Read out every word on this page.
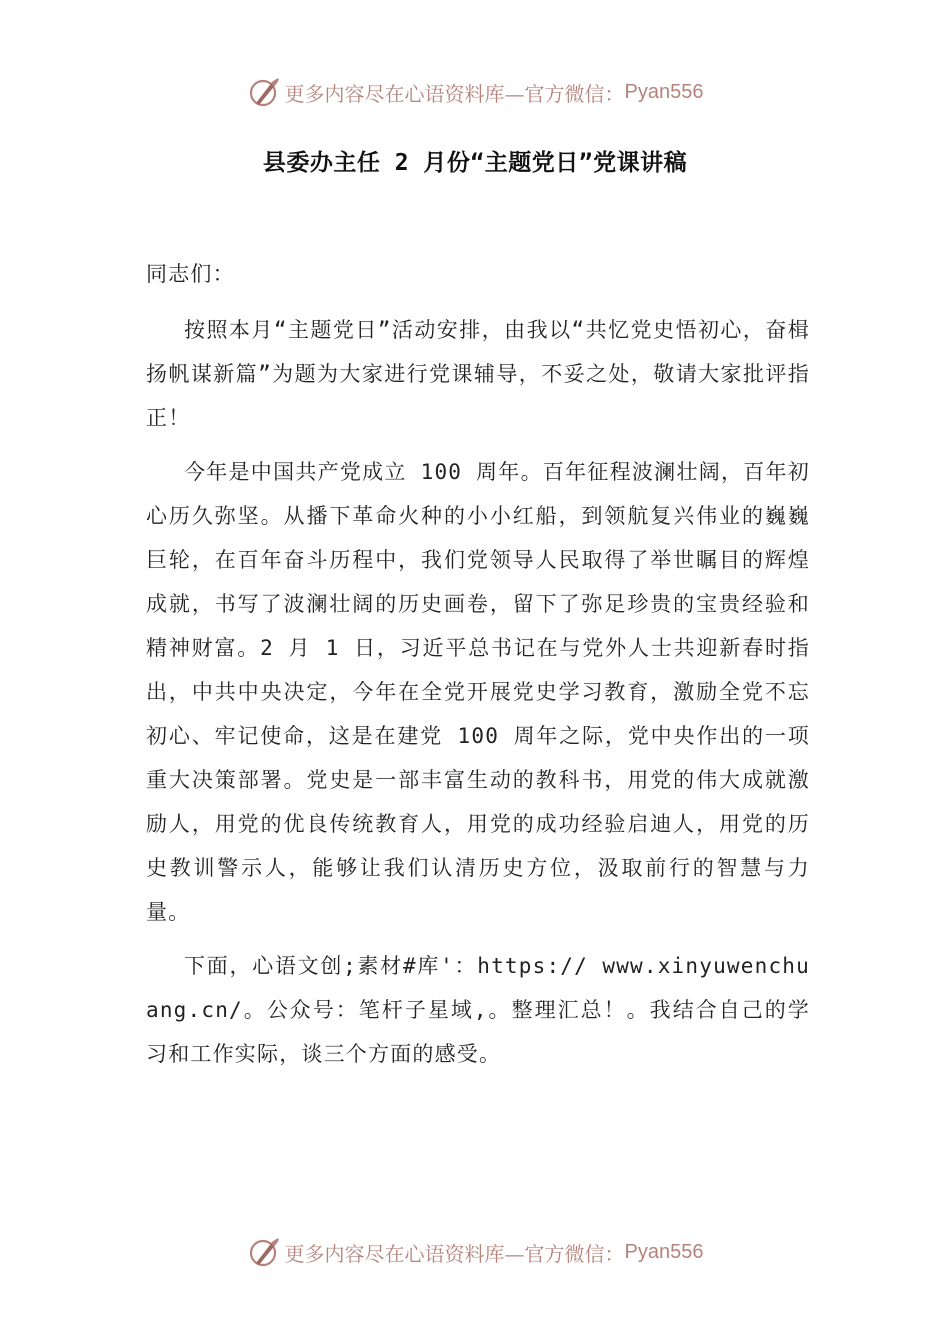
更多内容尽在心语资料库—官方微信： Pyan556
县委办主任 2 月份“主题党日”党课讲稿

同志们：

按照本月“主题党日”活动安排，由我以“共忆党史悟初心，奋楫扬帆谋新篇”为题为大家进行党课辅导，不妥之处，敬请大家批评指正！

今年是中国共产党成立 100 周年。百年征程波澜壮阔，百年初心历久弥坚。从播下革命火种的小小红船，到领航复兴伟业的巍巍巨轮，在百年奋斗历程中，我们党领导人民取得了举世瞩目的辉煌成就，书写了波澜壮阔的历史画卷，留下了弥足珍贵的宝贵经验和精神财富。2 月 1 日，习近平总书记在与党外人士共迎新春时指出，中共中央决定，今年在全党开展党史学习教育，激励全党不忘初心、牢记使命，这是在建党 100 周年之际，党中央作出的一项重大决策部署。党史是一部丰富生动的教科书，用党的伟大成就激励人，用党的优良传统教育人，用党的成功经验启迪人，用党的历史教训警示人，能够让我们认清历史方位，汲取前行的智慧与力量。

下面，心语文创;素材#库'：https:// www.xinyuwenchuang.cn/。公众号：笔杆子星域,。整理汇总！。我结合自己的学习和工作实际，谈三个方面的感受。

更多内容尽在心语资料库—官方微信： Pyan556
